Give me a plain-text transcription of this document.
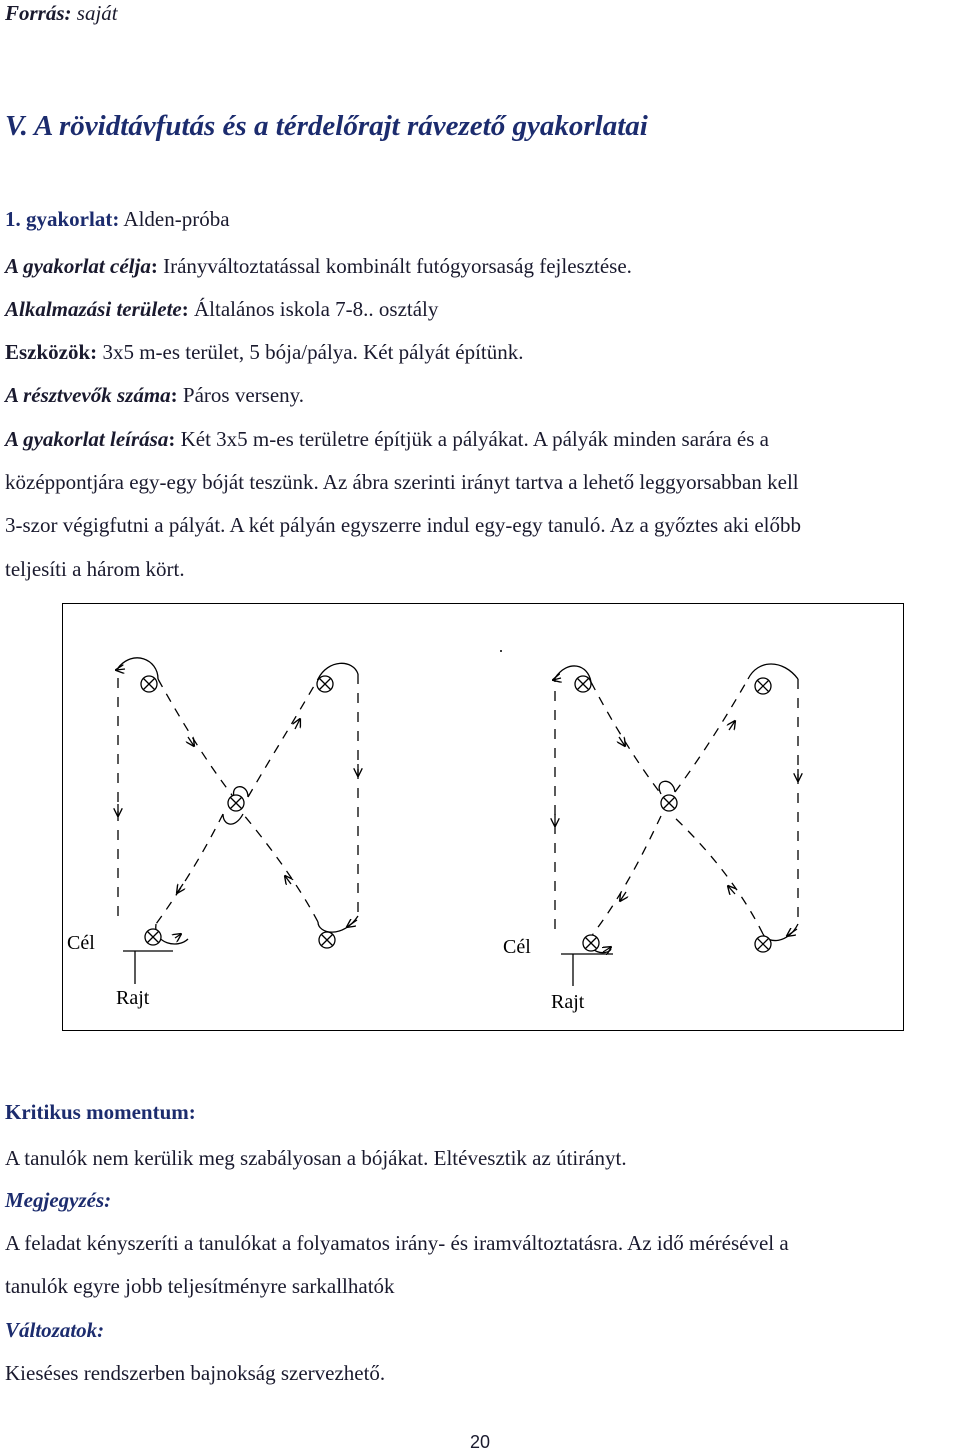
Forrás: saját
V. A rövidtávfutás és a térdelőrajt rávezető gyakorlatai
1. gyakorlat: Alden-próba
A gyakorlat célja: Irányváltoztatással kombinált futógyorsaság fejlesztése.
Alkalmazási területe: Általános iskola 7-8.. osztály
Eszközök: 3x5 m-es terület, 5 bója/pálya. Két pályát építünk.
A résztvevők száma: Páros verseny.
A gyakorlat leírása: Két 3x5 m-es területre építjük a pályákat. A pályák minden sarára és a
középpontjára egy-egy bóját teszünk. Az ábra szerinti irányt tartva a lehető leggyorsabban kell
3-szor végigfutni a pályát. A két pályán egyszerre indul egy-egy tanuló. Az a győztes aki előbb
teljesíti a három kört.
Cél
Rajt
Cél
Rajt
Kritikus momentum:
A tanulók nem kerülik meg szabályosan a bójákat. Eltévesztik az útirányt.
Megjegyzés:
A feladat kényszeríti a tanulókat a folyamatos irány- és iramváltoztatásra. Az idő mérésével a
tanulók egyre jobb teljesítményre sarkallhatók
Változatok:
Kieséses rendszerben bajnokság szervezhető.
20
